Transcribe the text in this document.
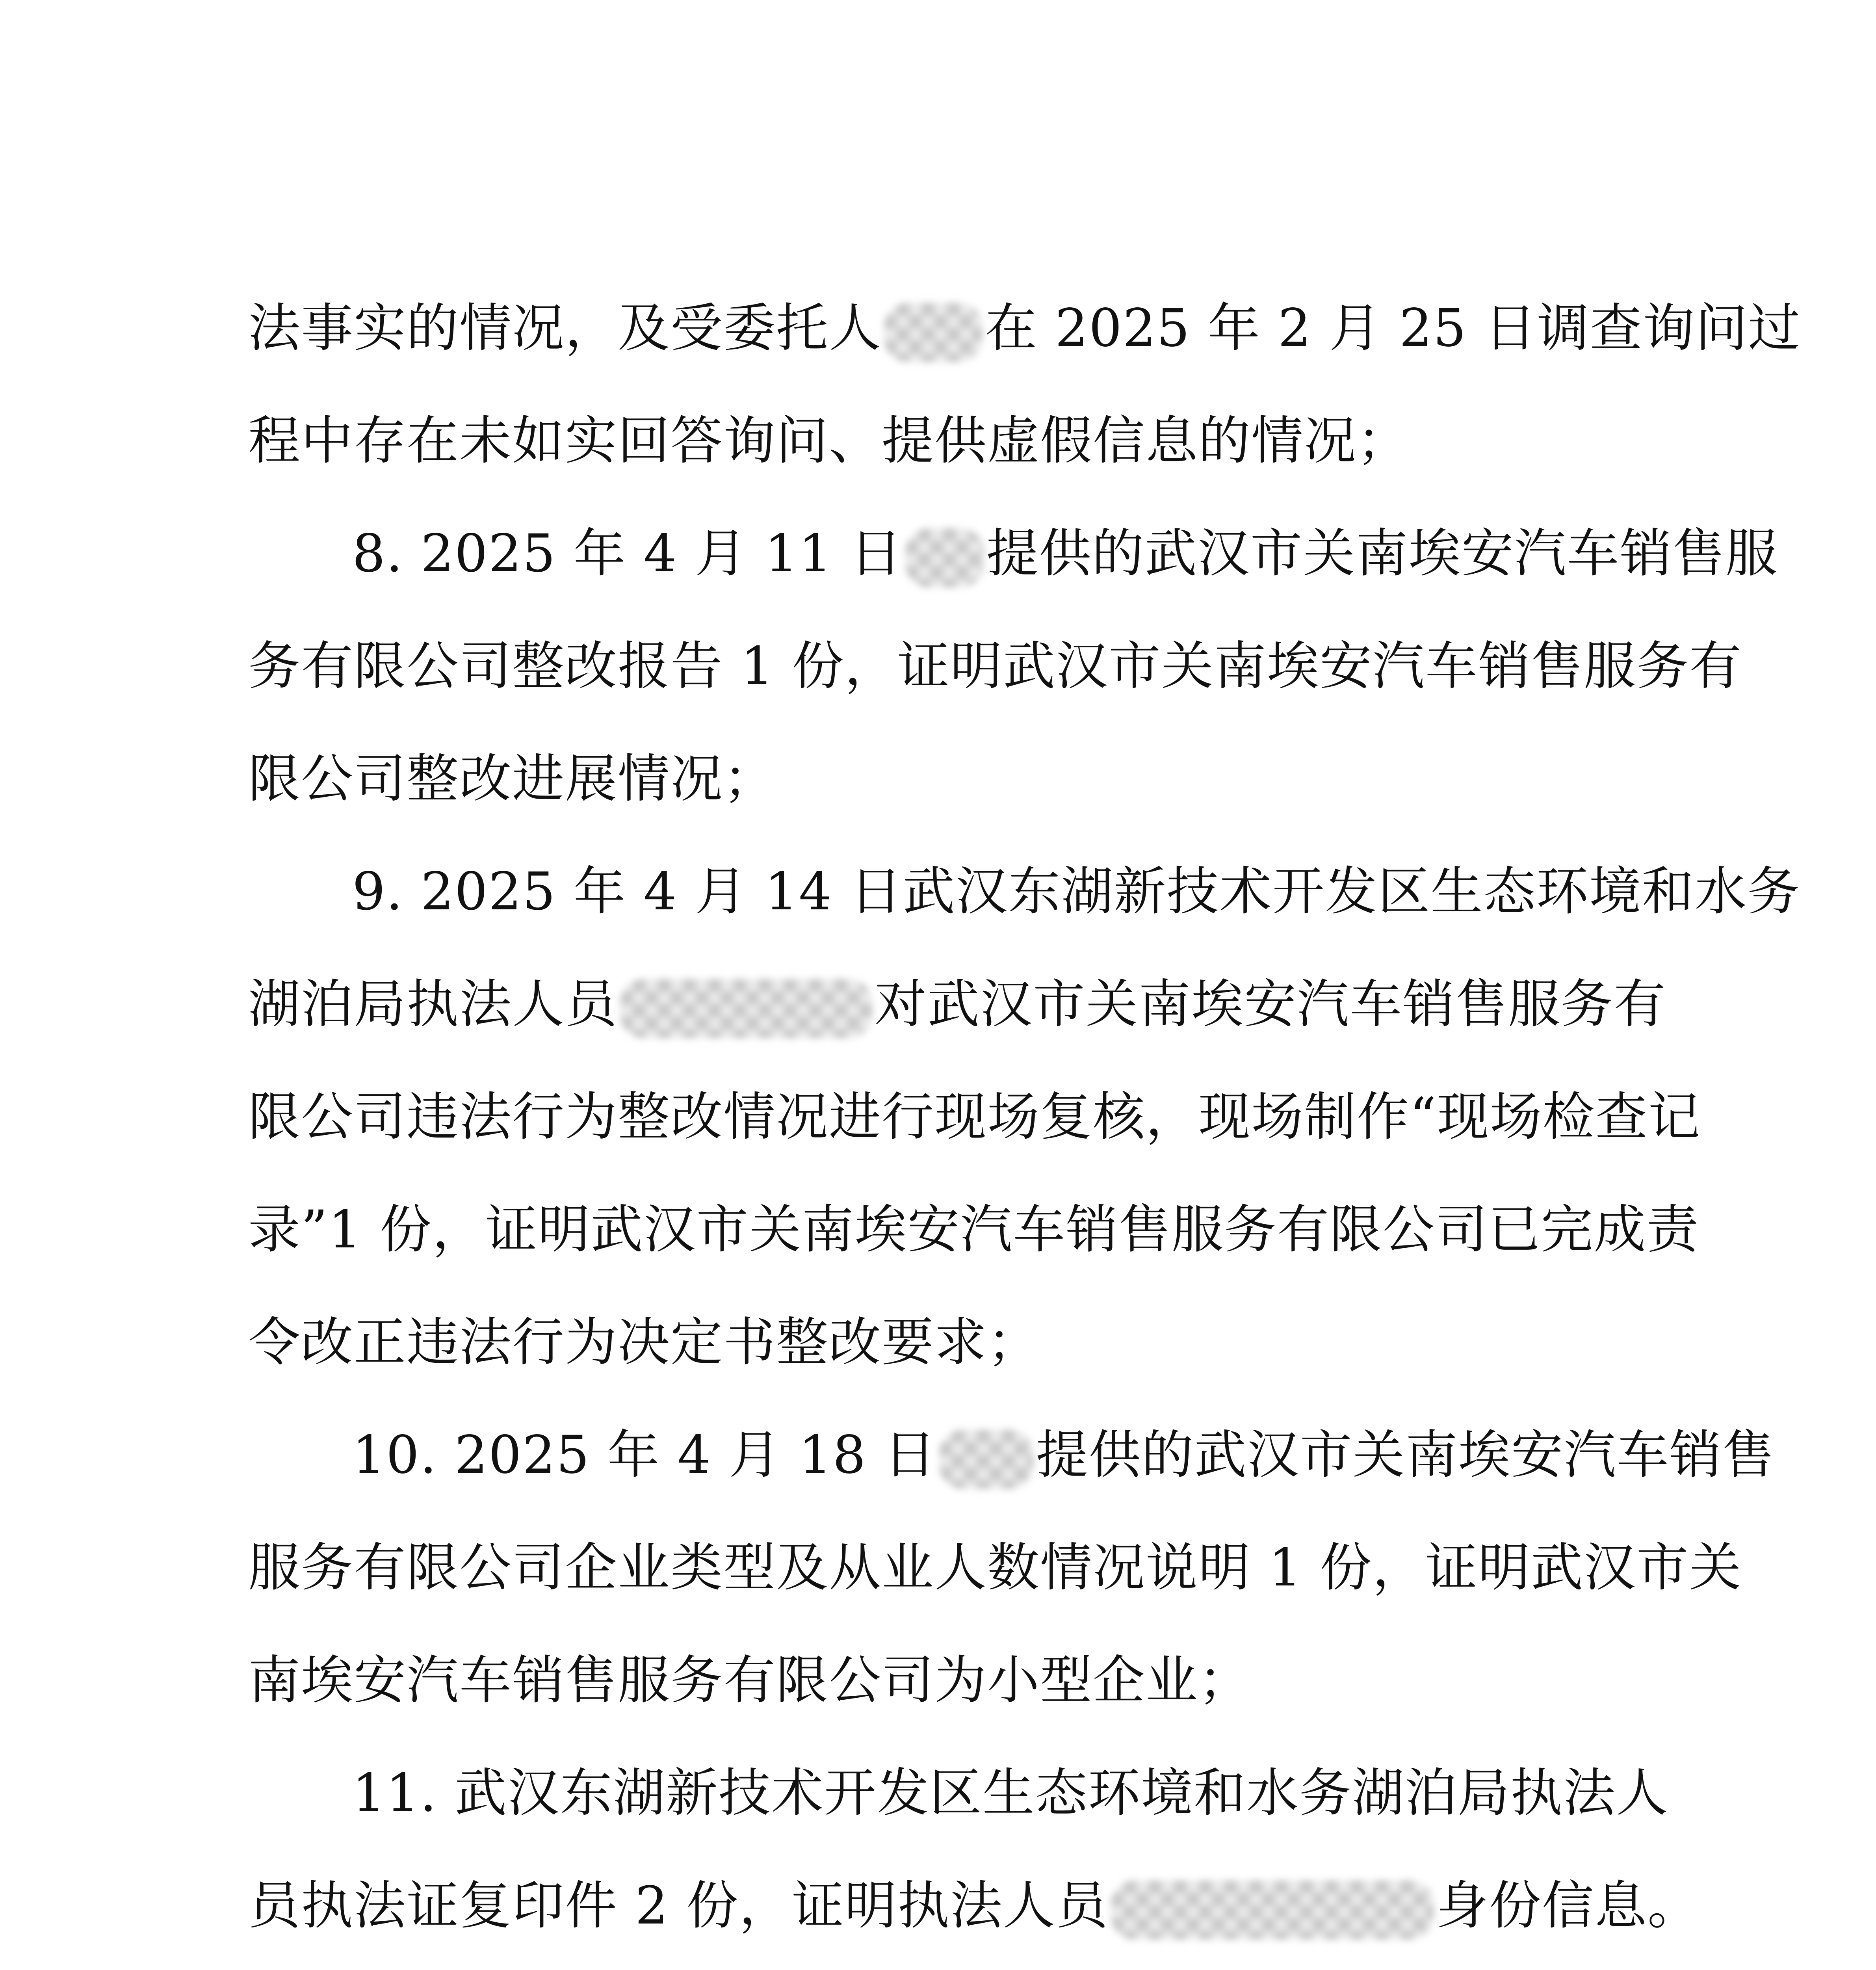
法事实的情况，及受委托人 在 2025 年 2 月 25 日调查询问过
程中存在未如实回答询问、提供虚假信息的情况；
8. 2025 年 4 月 11 日 提供的武汉市关南埃安汽车销售服
务有限公司整改报告 1 份，证明武汉市关南埃安汽车销售服务有
限公司整改进展情况；
9. 2025 年 4 月 14 日武汉东湖新技术开发区生态环境和水务
湖泊局执法人员	对武汉市关南埃安汽车销售服务有
限公司违法行为整改情况进行现场复核，现场制作“现场检查记
录”1 份，证明武汉市关南埃安汽车销售服务有限公司已完成责
令改正违法行为决定书整改要求；
10. 2025 年 4 月 18 日 提供的武汉市关南埃安汽车销售
服务有限公司企业类型及从业人数情况说明 1 份，证明武汉市关
南埃安汽车销售服务有限公司为小型企业；
11. 武汉东湖新技术开发区生态环境和水务湖泊局执法人
员执法证复印件 2 份，证明执法人员	身份信息。
